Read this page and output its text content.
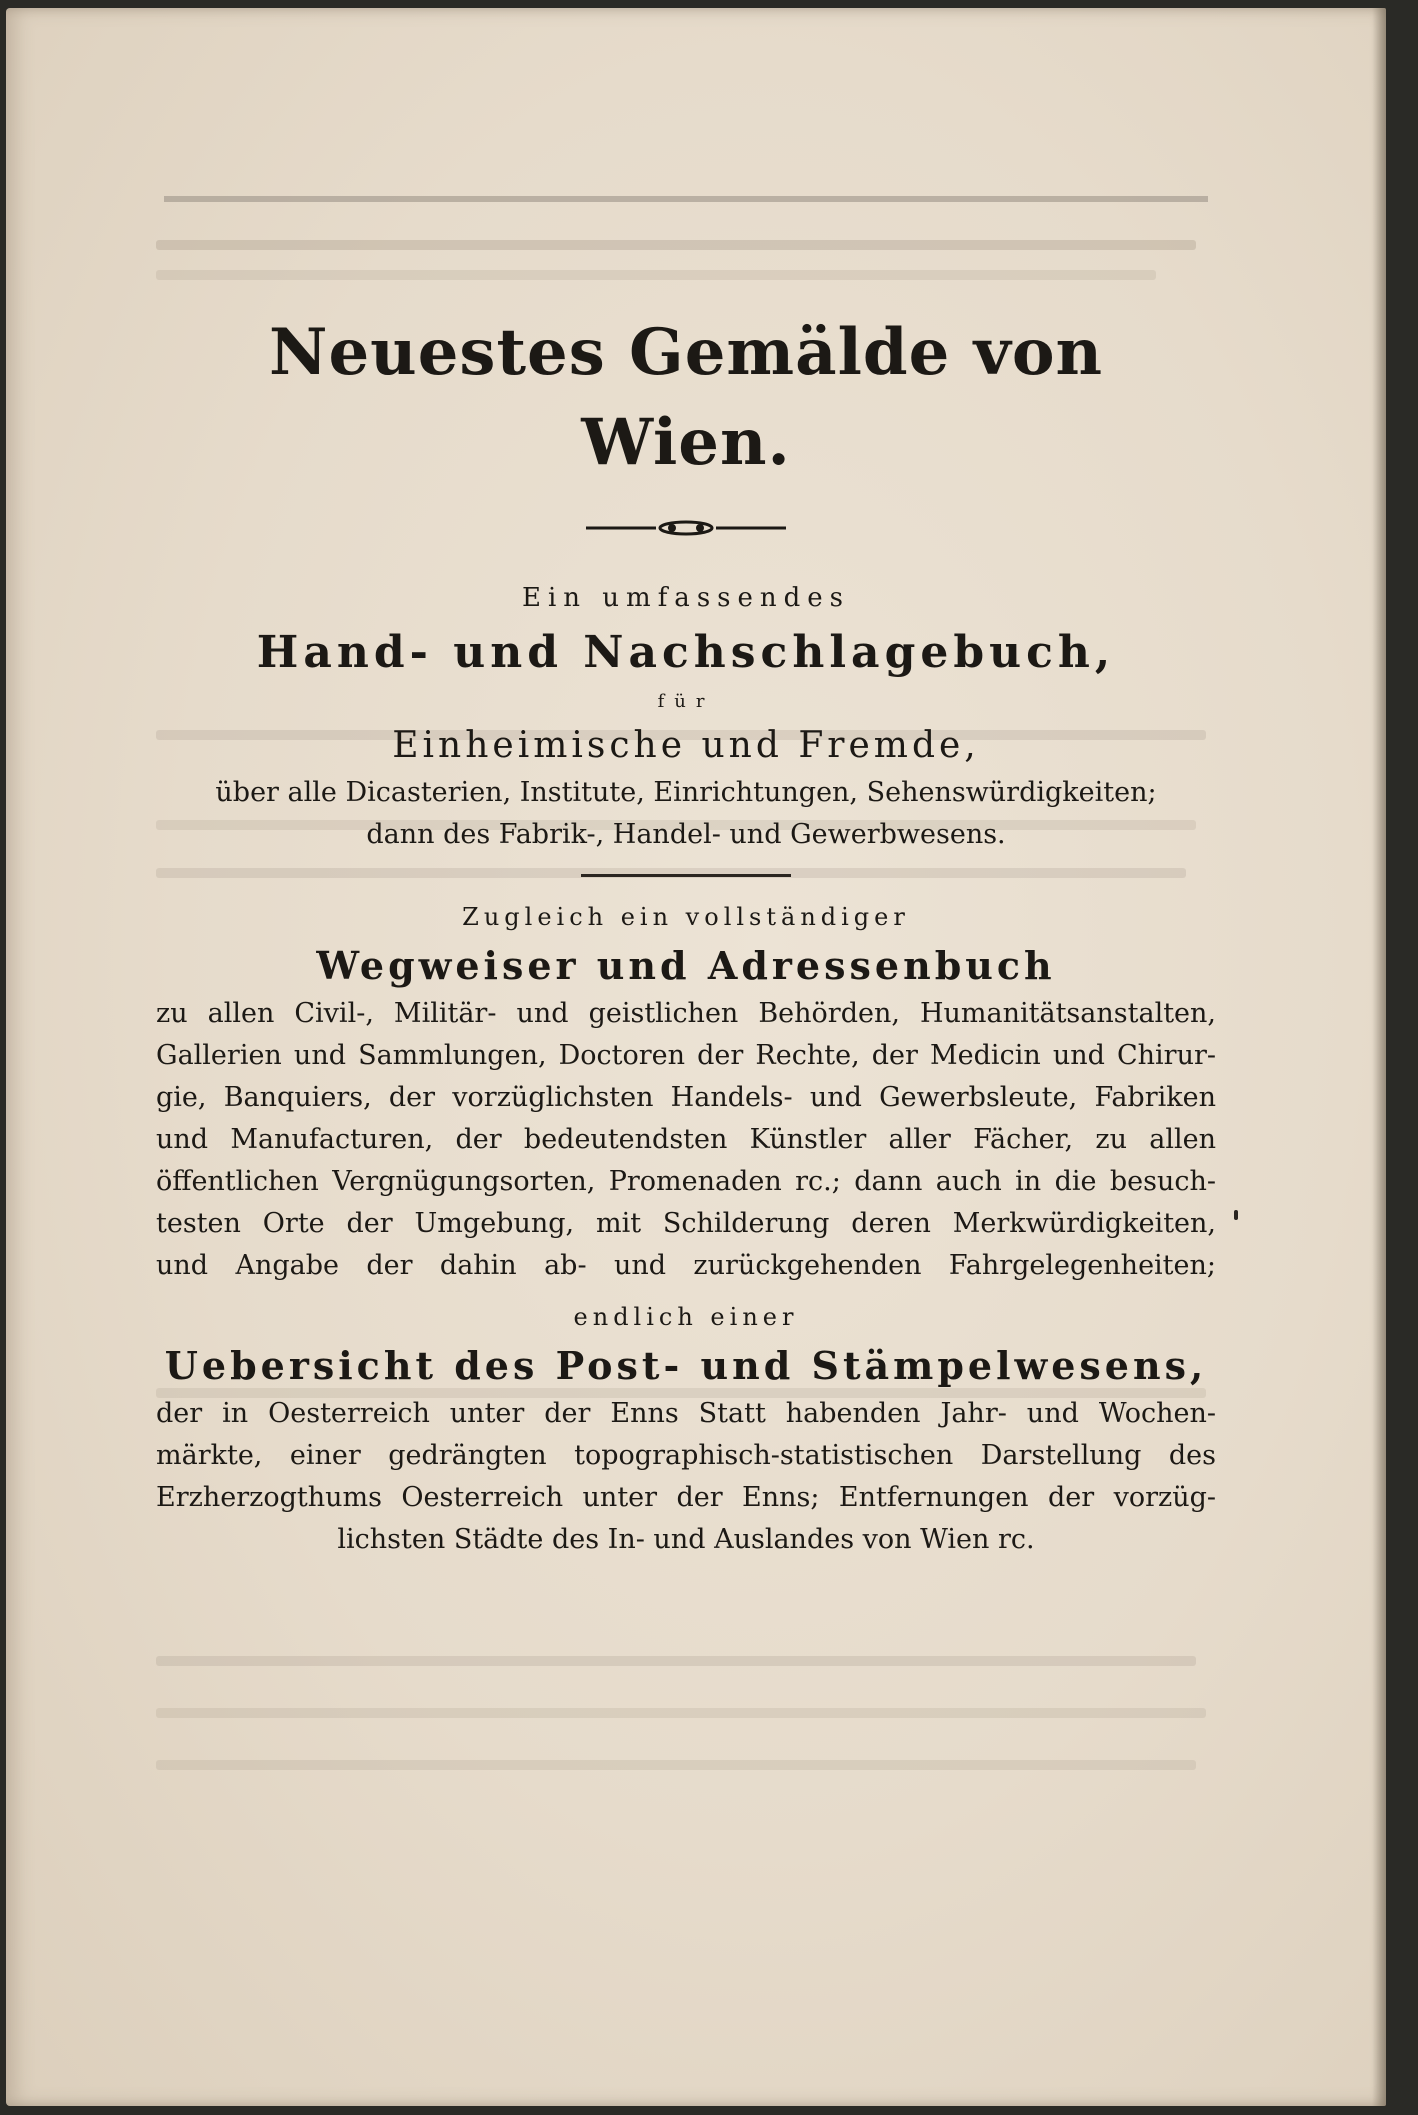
Neuestes Gemälde von Wien.
Ein umfassendes
Hand- und Nachschlagebuch,
für
Einheimische und Fremde,
über alle Dicasterien, Institute, Einrichtungen, Sehenswürdigkeiten;
dann des Fabrik-, Handel- und Gewerbwesens.
Zugleich ein vollständiger
Wegweiser und Adressenbuch
zu allen Civil-, Militär- und geistlichen Behörden, Humanitätsanstalten,
Gallerien und Sammlungen, Doctoren der Rechte, der Medicin und Chirur-
gie, Banquiers, der vorzüglichsten Handels- und Gewerbsleute, Fabriken
und Manufacturen, der bedeutendsten Künstler aller Fächer, zu allen
öffentlichen Vergnügungsorten, Promenaden rc.; dann auch in die besuch-
testen Orte der Umgebung, mit Schilderung deren Merkwürdigkeiten,
und Angabe der dahin ab- und zurückgehenden Fahrgelegenheiten;
endlich einer
Uebersicht des Post- und Stämpelwesens,
der in Oesterreich unter der Enns Statt habenden Jahr- und Wochen-
märkte, einer gedrängten topographisch-statistischen Darstellung des
Erzherzogthums Oesterreich unter der Enns; Entfernungen der vorzüg-
lichsten Städte des In- und Auslandes von Wien rc.
